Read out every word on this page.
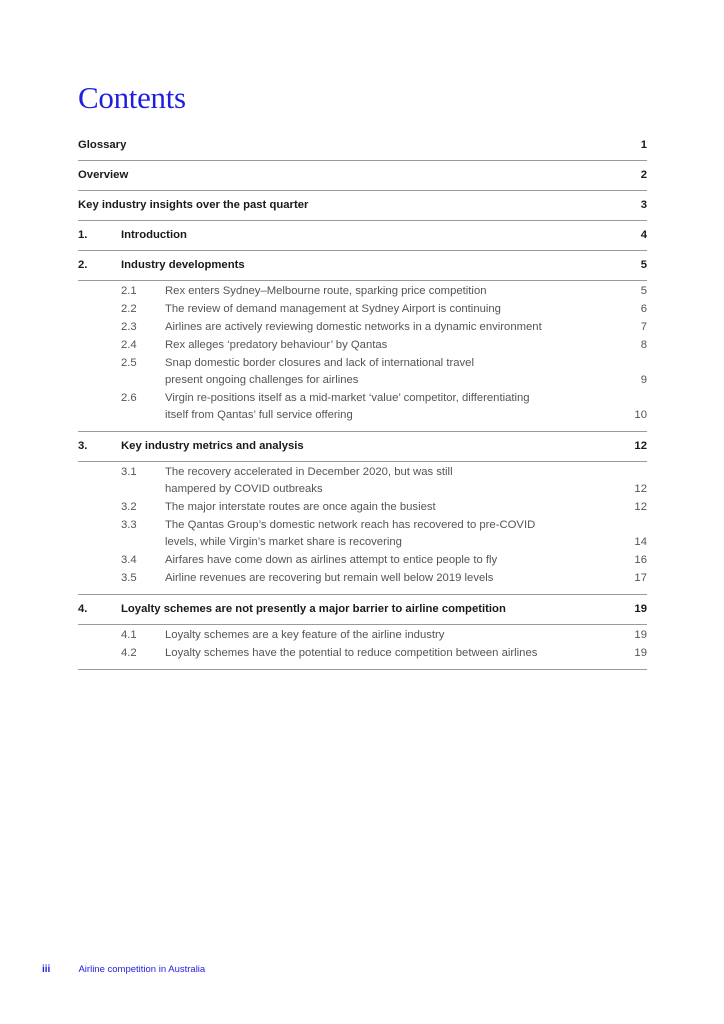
Contents
Glossary	1
Overview	2
Key industry insights over the past quarter	3
1.	Introduction	4
2.	Industry developments	5
2.1	Rex enters Sydney–Melbourne route, sparking price competition	5
2.2	The review of demand management at Sydney Airport is continuing	6
2.3	Airlines are actively reviewing domestic networks in a dynamic environment	7
2.4	Rex alleges ‘predatory behaviour’ by Qantas	8
2.5	Snap domestic border closures and lack of international travel
present ongoing challenges for airlines	9
2.6	Virgin re-positions itself as a mid-market ‘value’ competitor, differentiating
itself from Qantas’ full service offering	10
3.	Key industry metrics and analysis	12
3.1	The recovery accelerated in December 2020, but was still
hampered by COVID outbreaks	12
3.2	The major interstate routes are once again the busiest	12
3.3	The Qantas Group’s domestic network reach has recovered to pre-COVID
levels, while Virgin’s market share is recovering	14
3.4	Airfares have come down as airlines attempt to entice people to fly	16
3.5	Airline revenues are recovering but remain well below 2019 levels	17
4.	Loyalty schemes are not presently a major barrier to airline competition	19
4.1	Loyalty schemes are a key feature of the airline industry	19
4.2	Loyalty schemes have the potential to reduce competition between airlines	19
iii	Airline competition in Australia
